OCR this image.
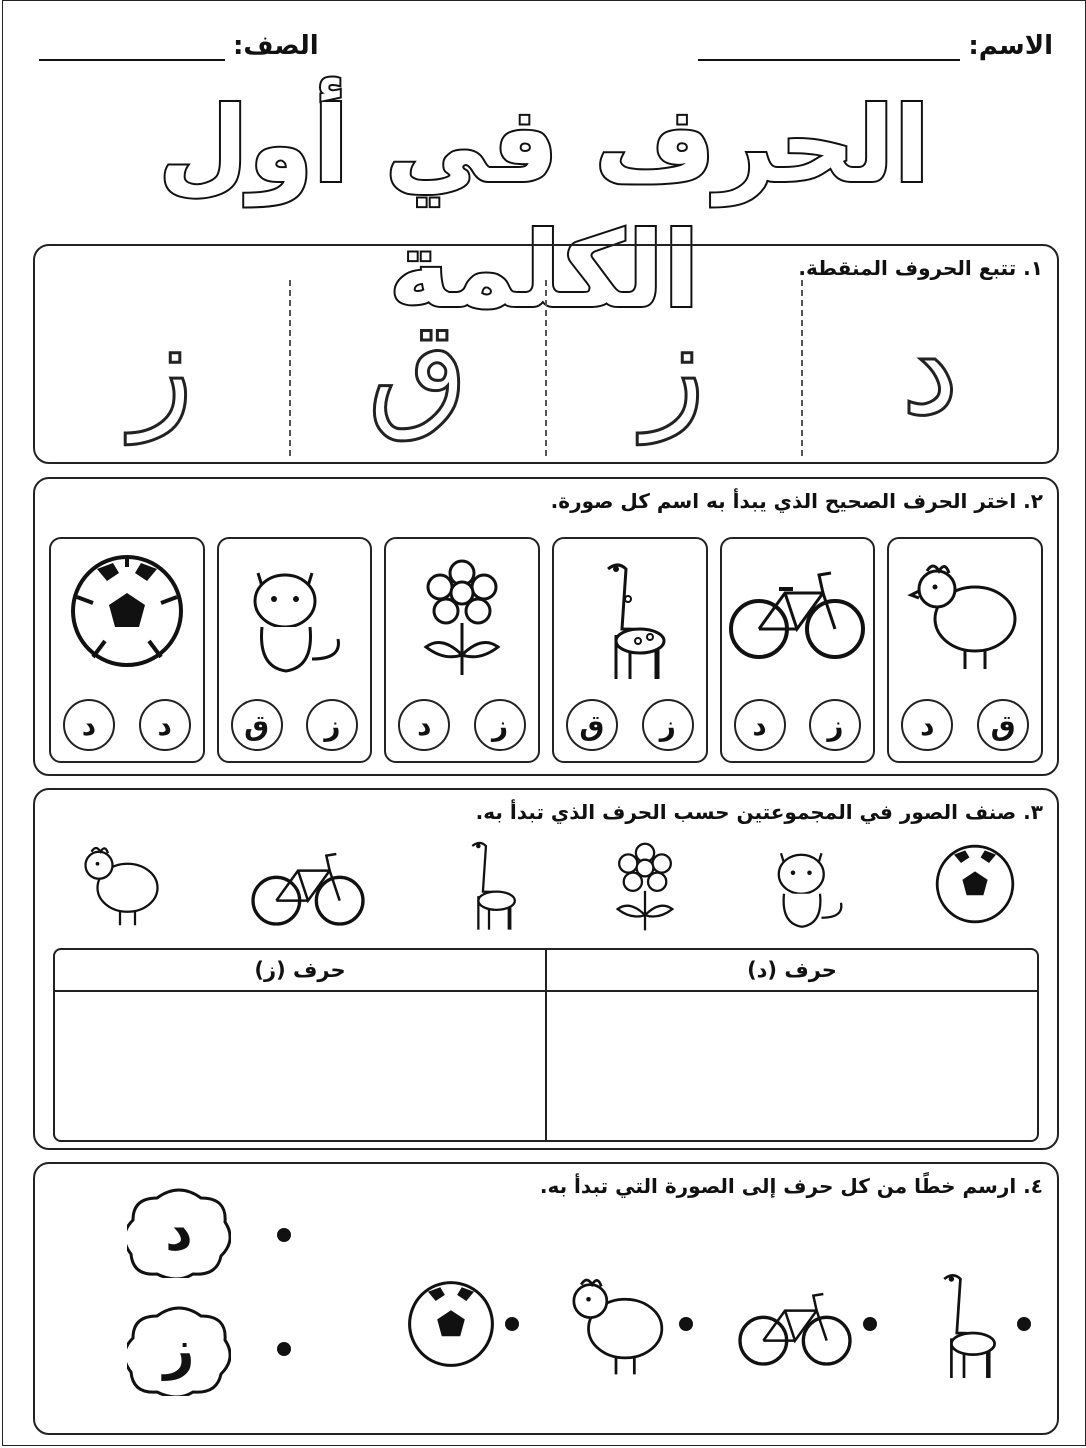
الاسم:
الصف:
الحرف في أول الكلمة	١. تتبع الحروف المنقطة.
د
ز
ق
ز
٢. اختر الحرف الصحيح الذي يبدأ به اسم كل صورة.
ق
د
ز
د
ز
ق
ز
د
ز
ق
د
د
٣. صنف الصور في المجموعتين حسب الحرف الذي تبدأ به.
حرف (د)
حرف (ز)
٤. ارسم خطًا من كل حرف إلى الصورة التي تبدأ به.
د
ز
